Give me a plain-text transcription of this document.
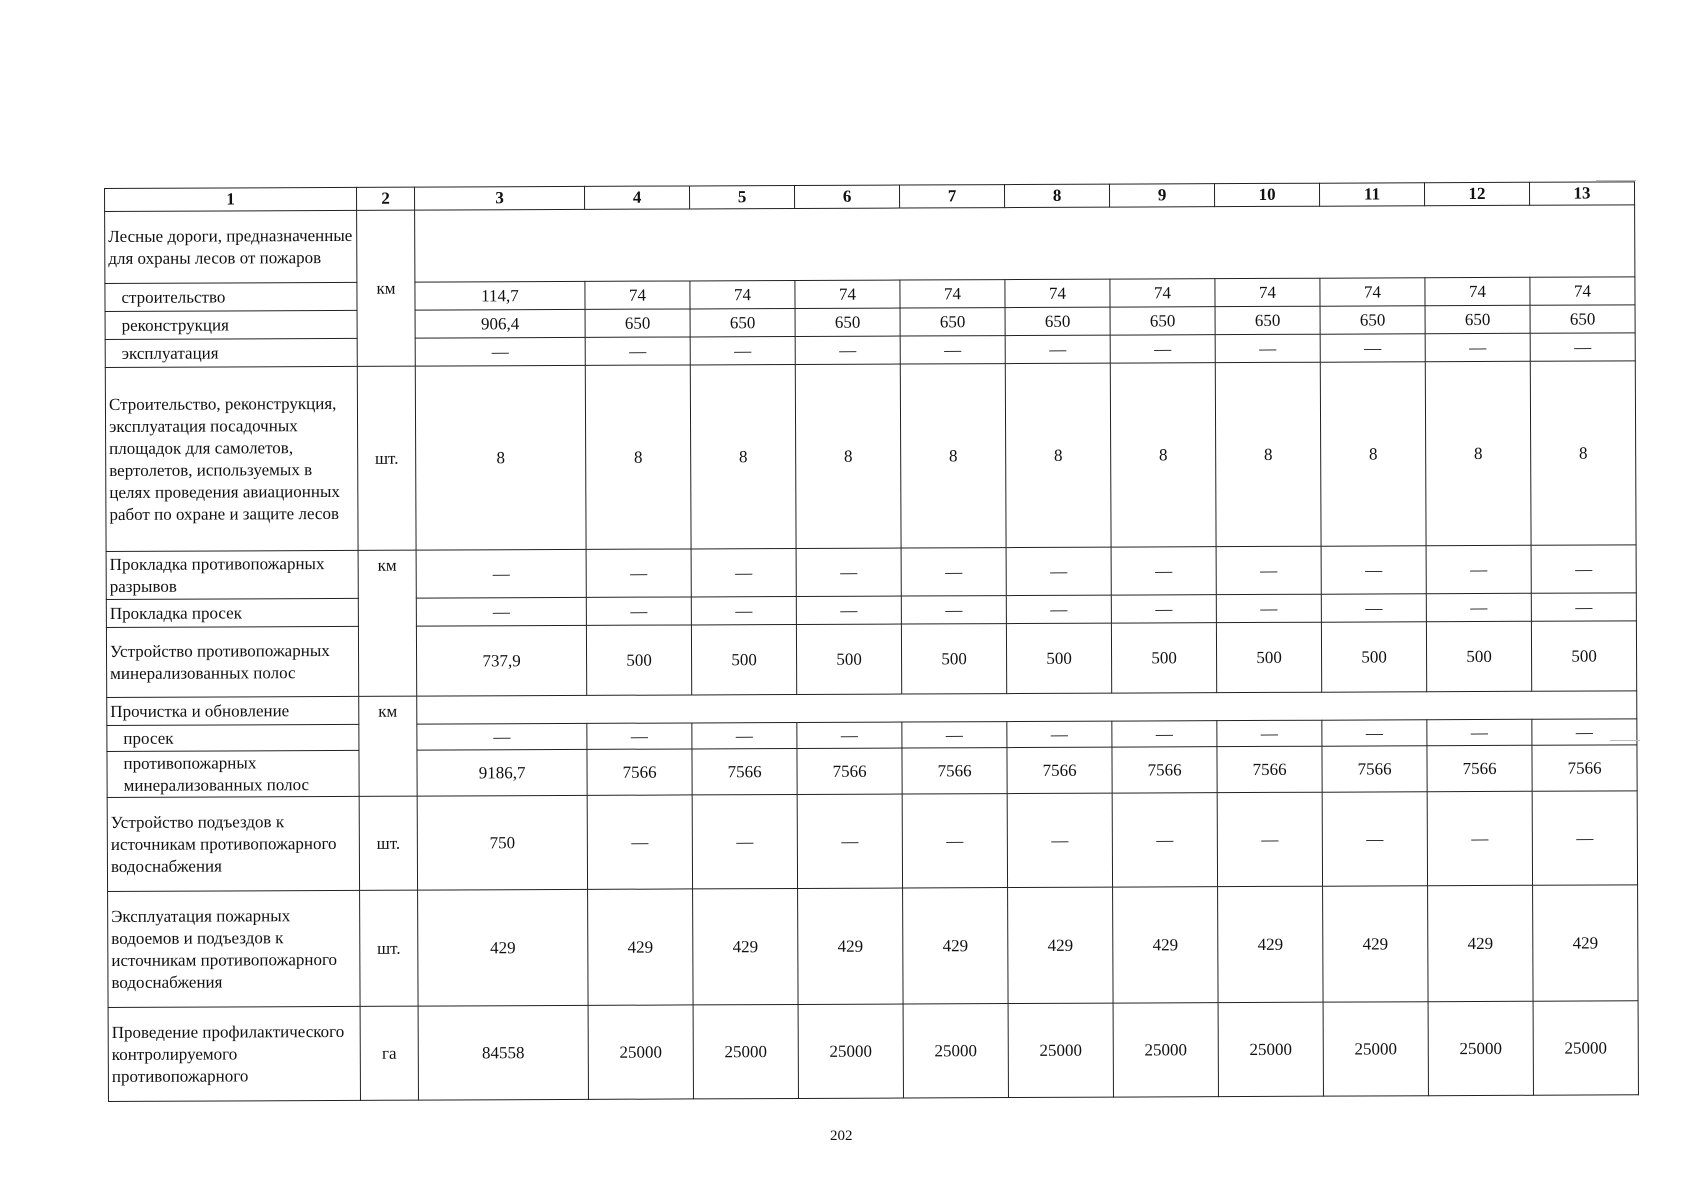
1	2	3	4	5	6	7	8	9	10	11	12	13
Лесные дороги, предназначенные для охраны лесов от пожаров	км											
строительство		114,7	74	74	74	74	74	74	74	74	74	74
реконструкция		906,4	650	650	650	650	650	650	650	650	650	650
эксплуатация		—	—	—	—	—	—	—	—	—	—	—
Строительство, реконструкция, эксплуатация посадочных площадок для самолетов, вертолетов, используемых в целях проведения авиационных работ по охране и защите лесов	шт.	8	8	8	8	8	8	8	8	8	8	8
Прокладка противопожарных разрывов	км	—	—	—	—	—	—	—	—	—	—	—
Прокладка просек		—	—	—	—	—	—	—	—	—	—	—
Устройство противопожарных минерализованных полос		737,9	500	500	500	500	500	500	500	500	500	500
Прочистка и обновление	км											
просек		—	—	—	—	—	—	—	—	—	—	—
противопожарных минерализованных полос		9186,7	7566	7566	7566	7566	7566	7566	7566	7566	7566	7566
Устройство подъездов к источникам противопожарного водоснабжения	шт.	750	—	—	—	—	—	—	—	—	—	—
Эксплуатация пожарных водоемов и подъездов к источникам противопожарного водоснабжения	шт.	429	429	429	429	429	429	429	429	429	429	429
Проведение профилактического контролируемого противопожарного	га	84558	25000	25000	25000	25000	25000	25000	25000	25000	25000	25000
202
